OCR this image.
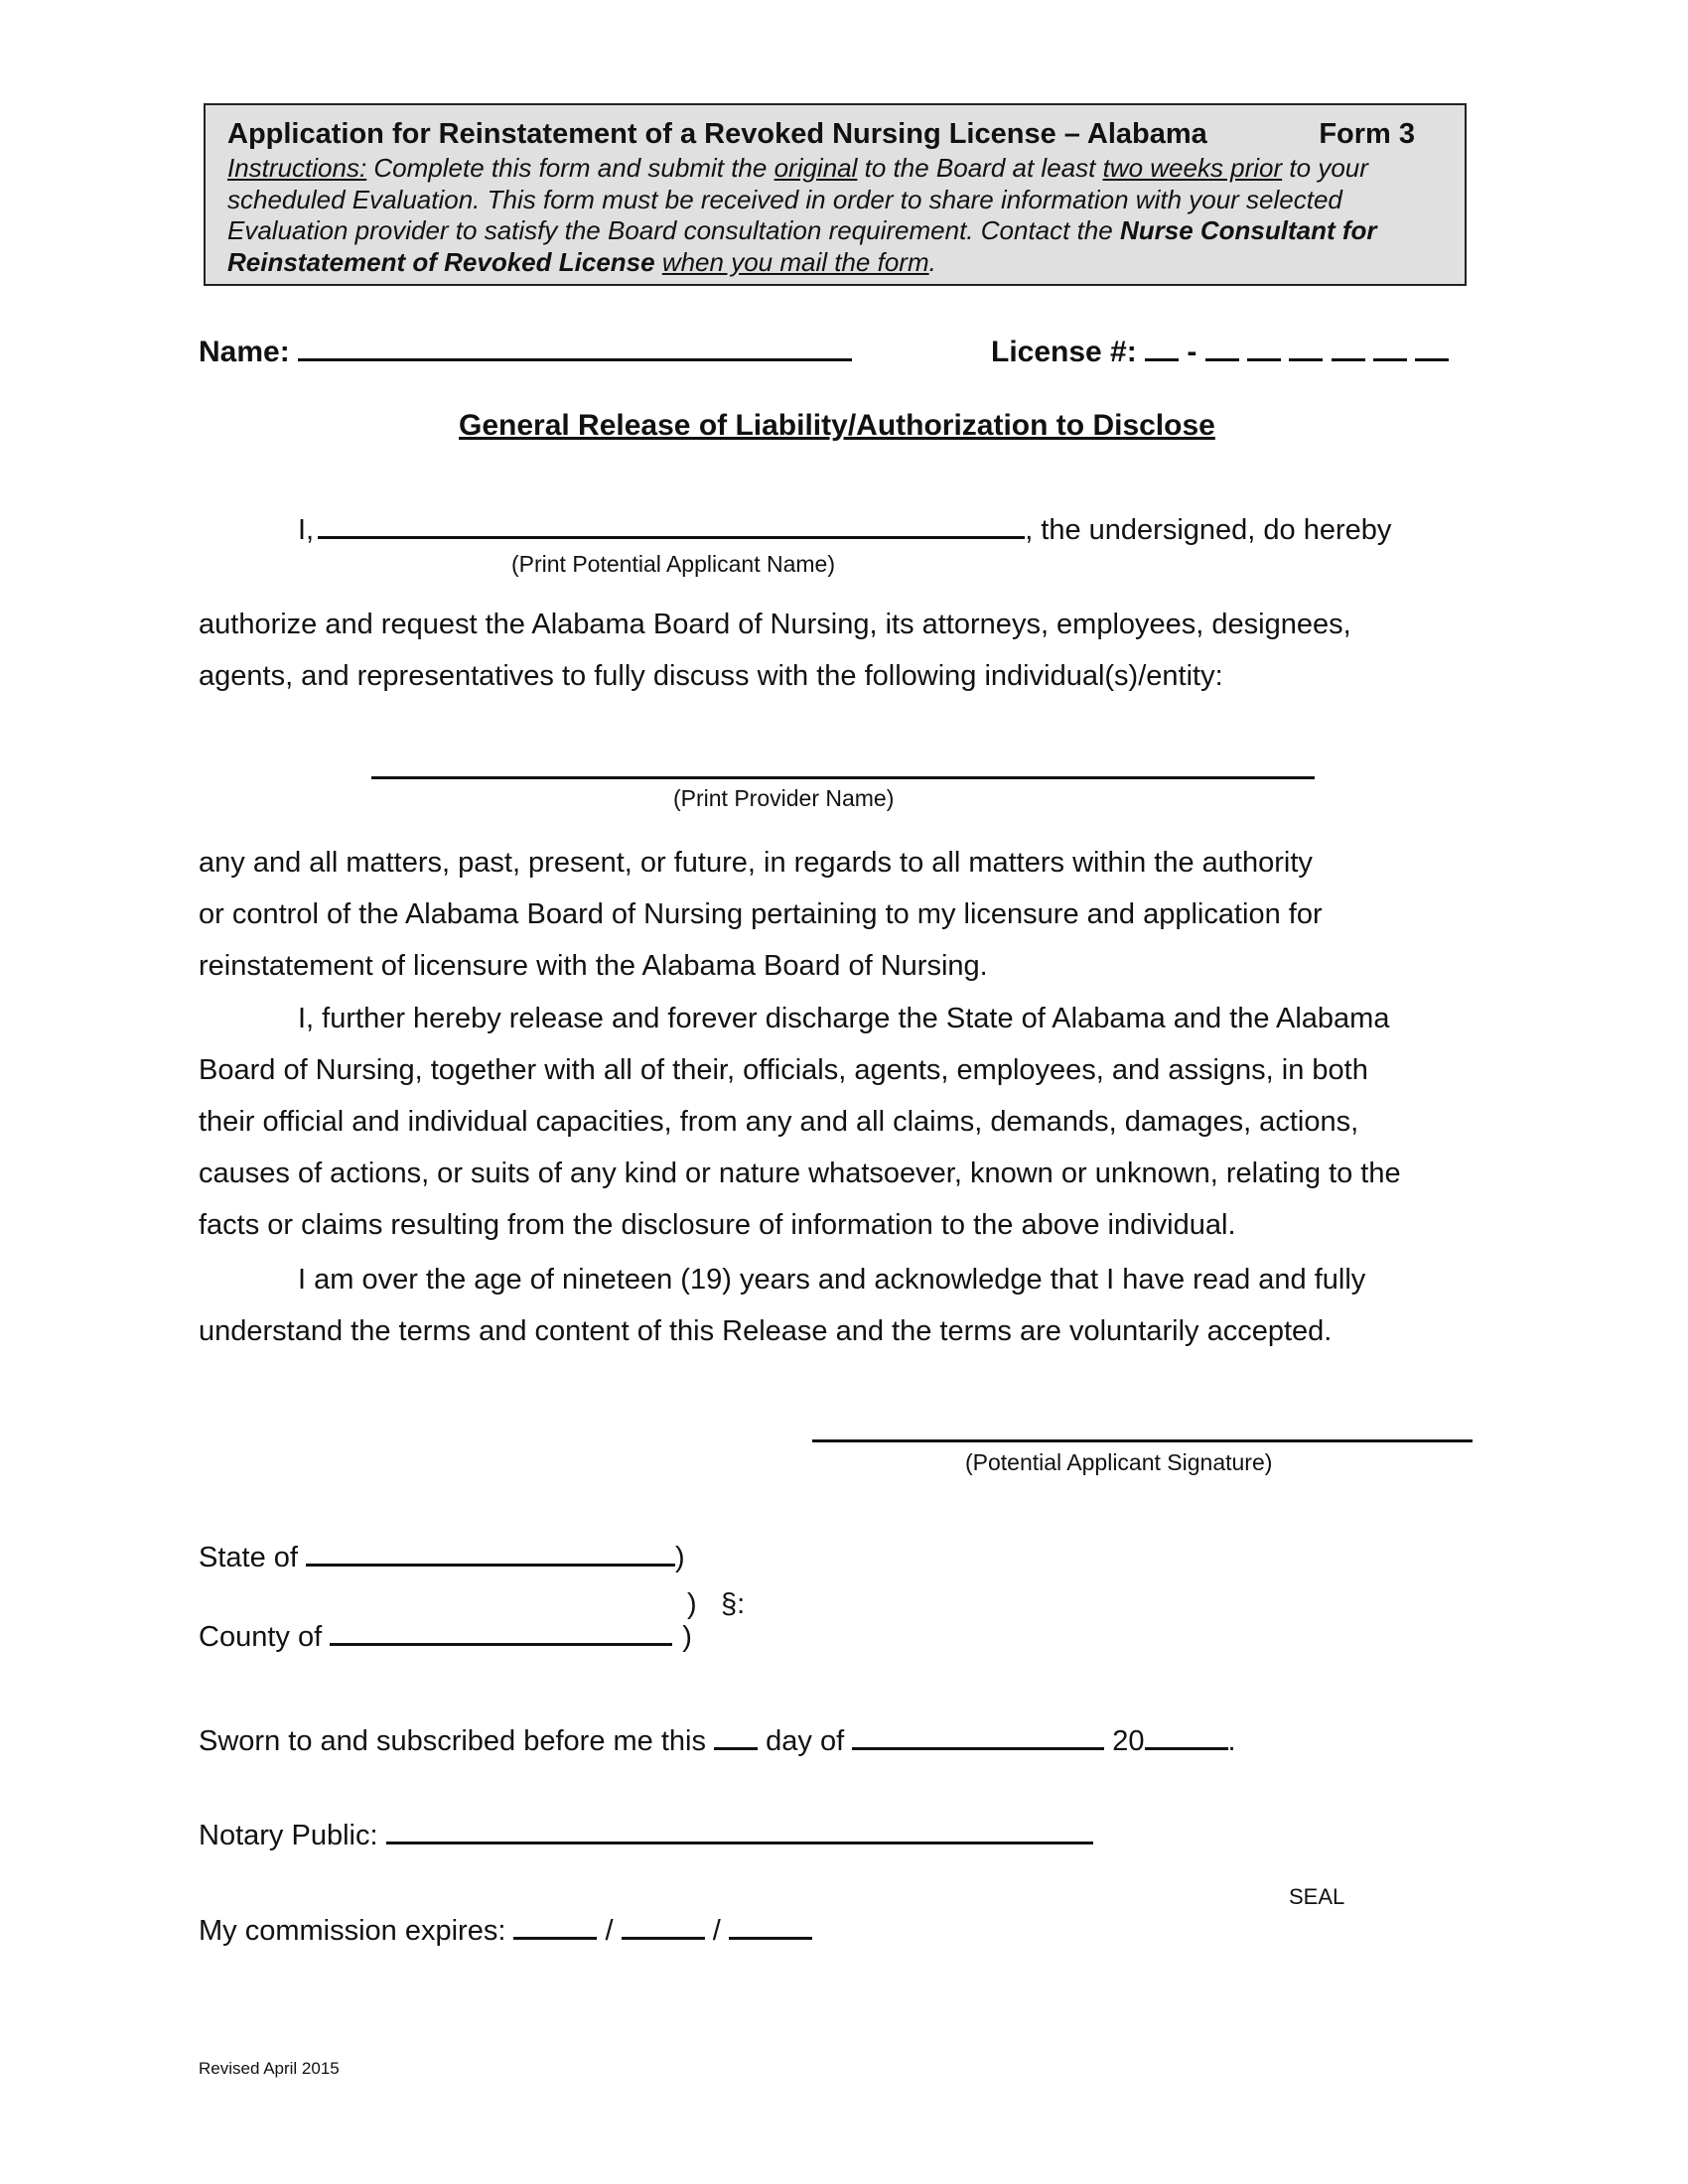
Application for Reinstatement of a Revoked Nursing License – Alabama	Form 3
Instructions: Complete this form and submit the original to the Board at least two weeks prior to your scheduled Evaluation. This form must be received in order to share information with your selected Evaluation provider to satisfy the Board consultation requirement. Contact the Nurse Consultant for Reinstatement of Revoked License when you mail the form.
Name:	License #: -
General Release of Liability/Authorization to Disclose
I,	, the undersigned, do hereby
(Print Potential Applicant Name)
authorize and request the Alabama Board of Nursing, its attorneys, employees, designees,
agents, and representatives to fully discuss with the following individual(s)/entity:
(Print Provider Name)
any and all matters, past, present, or future, in regards to all matters within the authority
or control of the Alabama Board of Nursing pertaining to my licensure and application for
reinstatement of licensure with the Alabama Board of Nursing.
I, further hereby release and forever discharge the State of Alabama and the Alabama
Board of Nursing, together with all of their, officials, agents, employees, and assigns, in both
their official and individual capacities, from any and all claims, demands, damages, actions,
causes of actions, or suits of any kind or nature whatsoever, known or unknown, relating to the
facts or claims resulting from the disclosure of information to the above individual.
I am over the age of nineteen (19) years and acknowledge that I have read and fully
understand the terms and content of this Release and the terms are voluntarily accepted.
(Potential Applicant Signature)
State of	)
) §:
County of	)
Sworn to and subscribed before me this day of	20	.
Notary Public:
SEAL
My commission expires:	/	/
Revised April 2015
